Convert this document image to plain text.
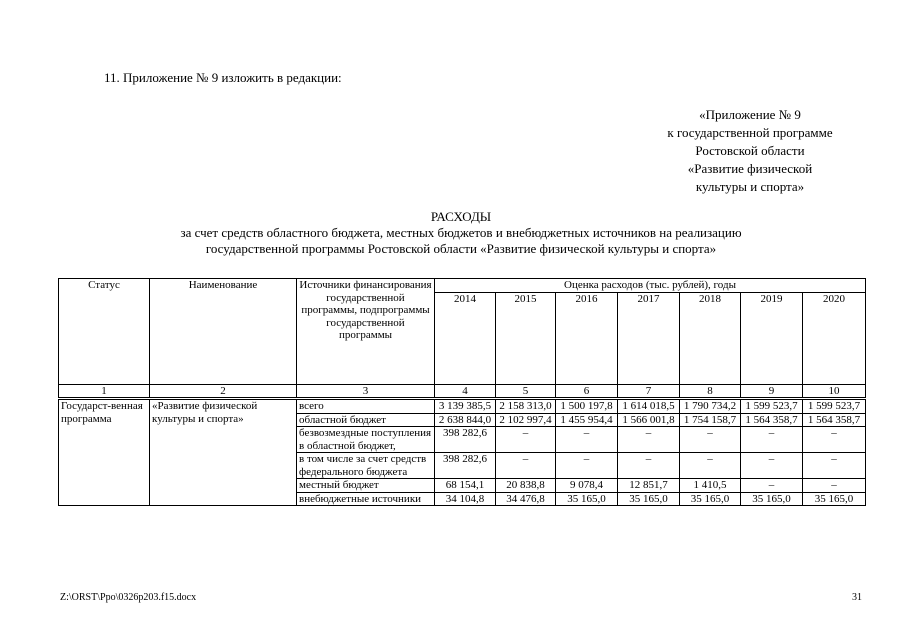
11. Приложение № 9 изложить в редакции:
«Приложение № 9
к государственной программе
Ростовской области
«Развитие физической
культуры и спорта»
РАСХОДЫ
за счет средств областного бюджета, местных бюджетов и внебюджетных источников на реализацию
государственной программы Ростовской области «Развитие физической культуры и спорта»
Статус	Наименование	Источники финансирования государственной программы, подпрограммы государственной программы	Оценка расходов (тыс. рублей), годы						
			2014	2015	2016	2017	2018	2019	2020
1	2	3	4	5	6	7	8	9	10
Государст-венная программа	«Развитие физической культуры и спорта»	всего	3 139 385,5	2 158 313,0	1 500 197,8	1 614 018,5	1 790 734,2	1 599 523,7	1 599 523,7
		областной бюджет	2 638 844,0	2 102 997,4	1 455 954,4	1 566 001,8	1 754 158,7	1 564 358,7	1 564 358,7
		безвозмездные поступления в областной бюджет,	398 282,6	–	–	–	–	–	–
		в том числе за счет средств федерального бюджета	398 282,6	–	–	–	–	–	–
		местный бюджет	68 154,1	20 838,8	9 078,4	12 851,7	1 410,5	–	–
		внебюджетные источники	34 104,8	34 476,8	35 165,0	35 165,0	35 165,0	35 165,0	35 165,0
Z:\ORST\Ppo\0326p203.f15.docx	31
